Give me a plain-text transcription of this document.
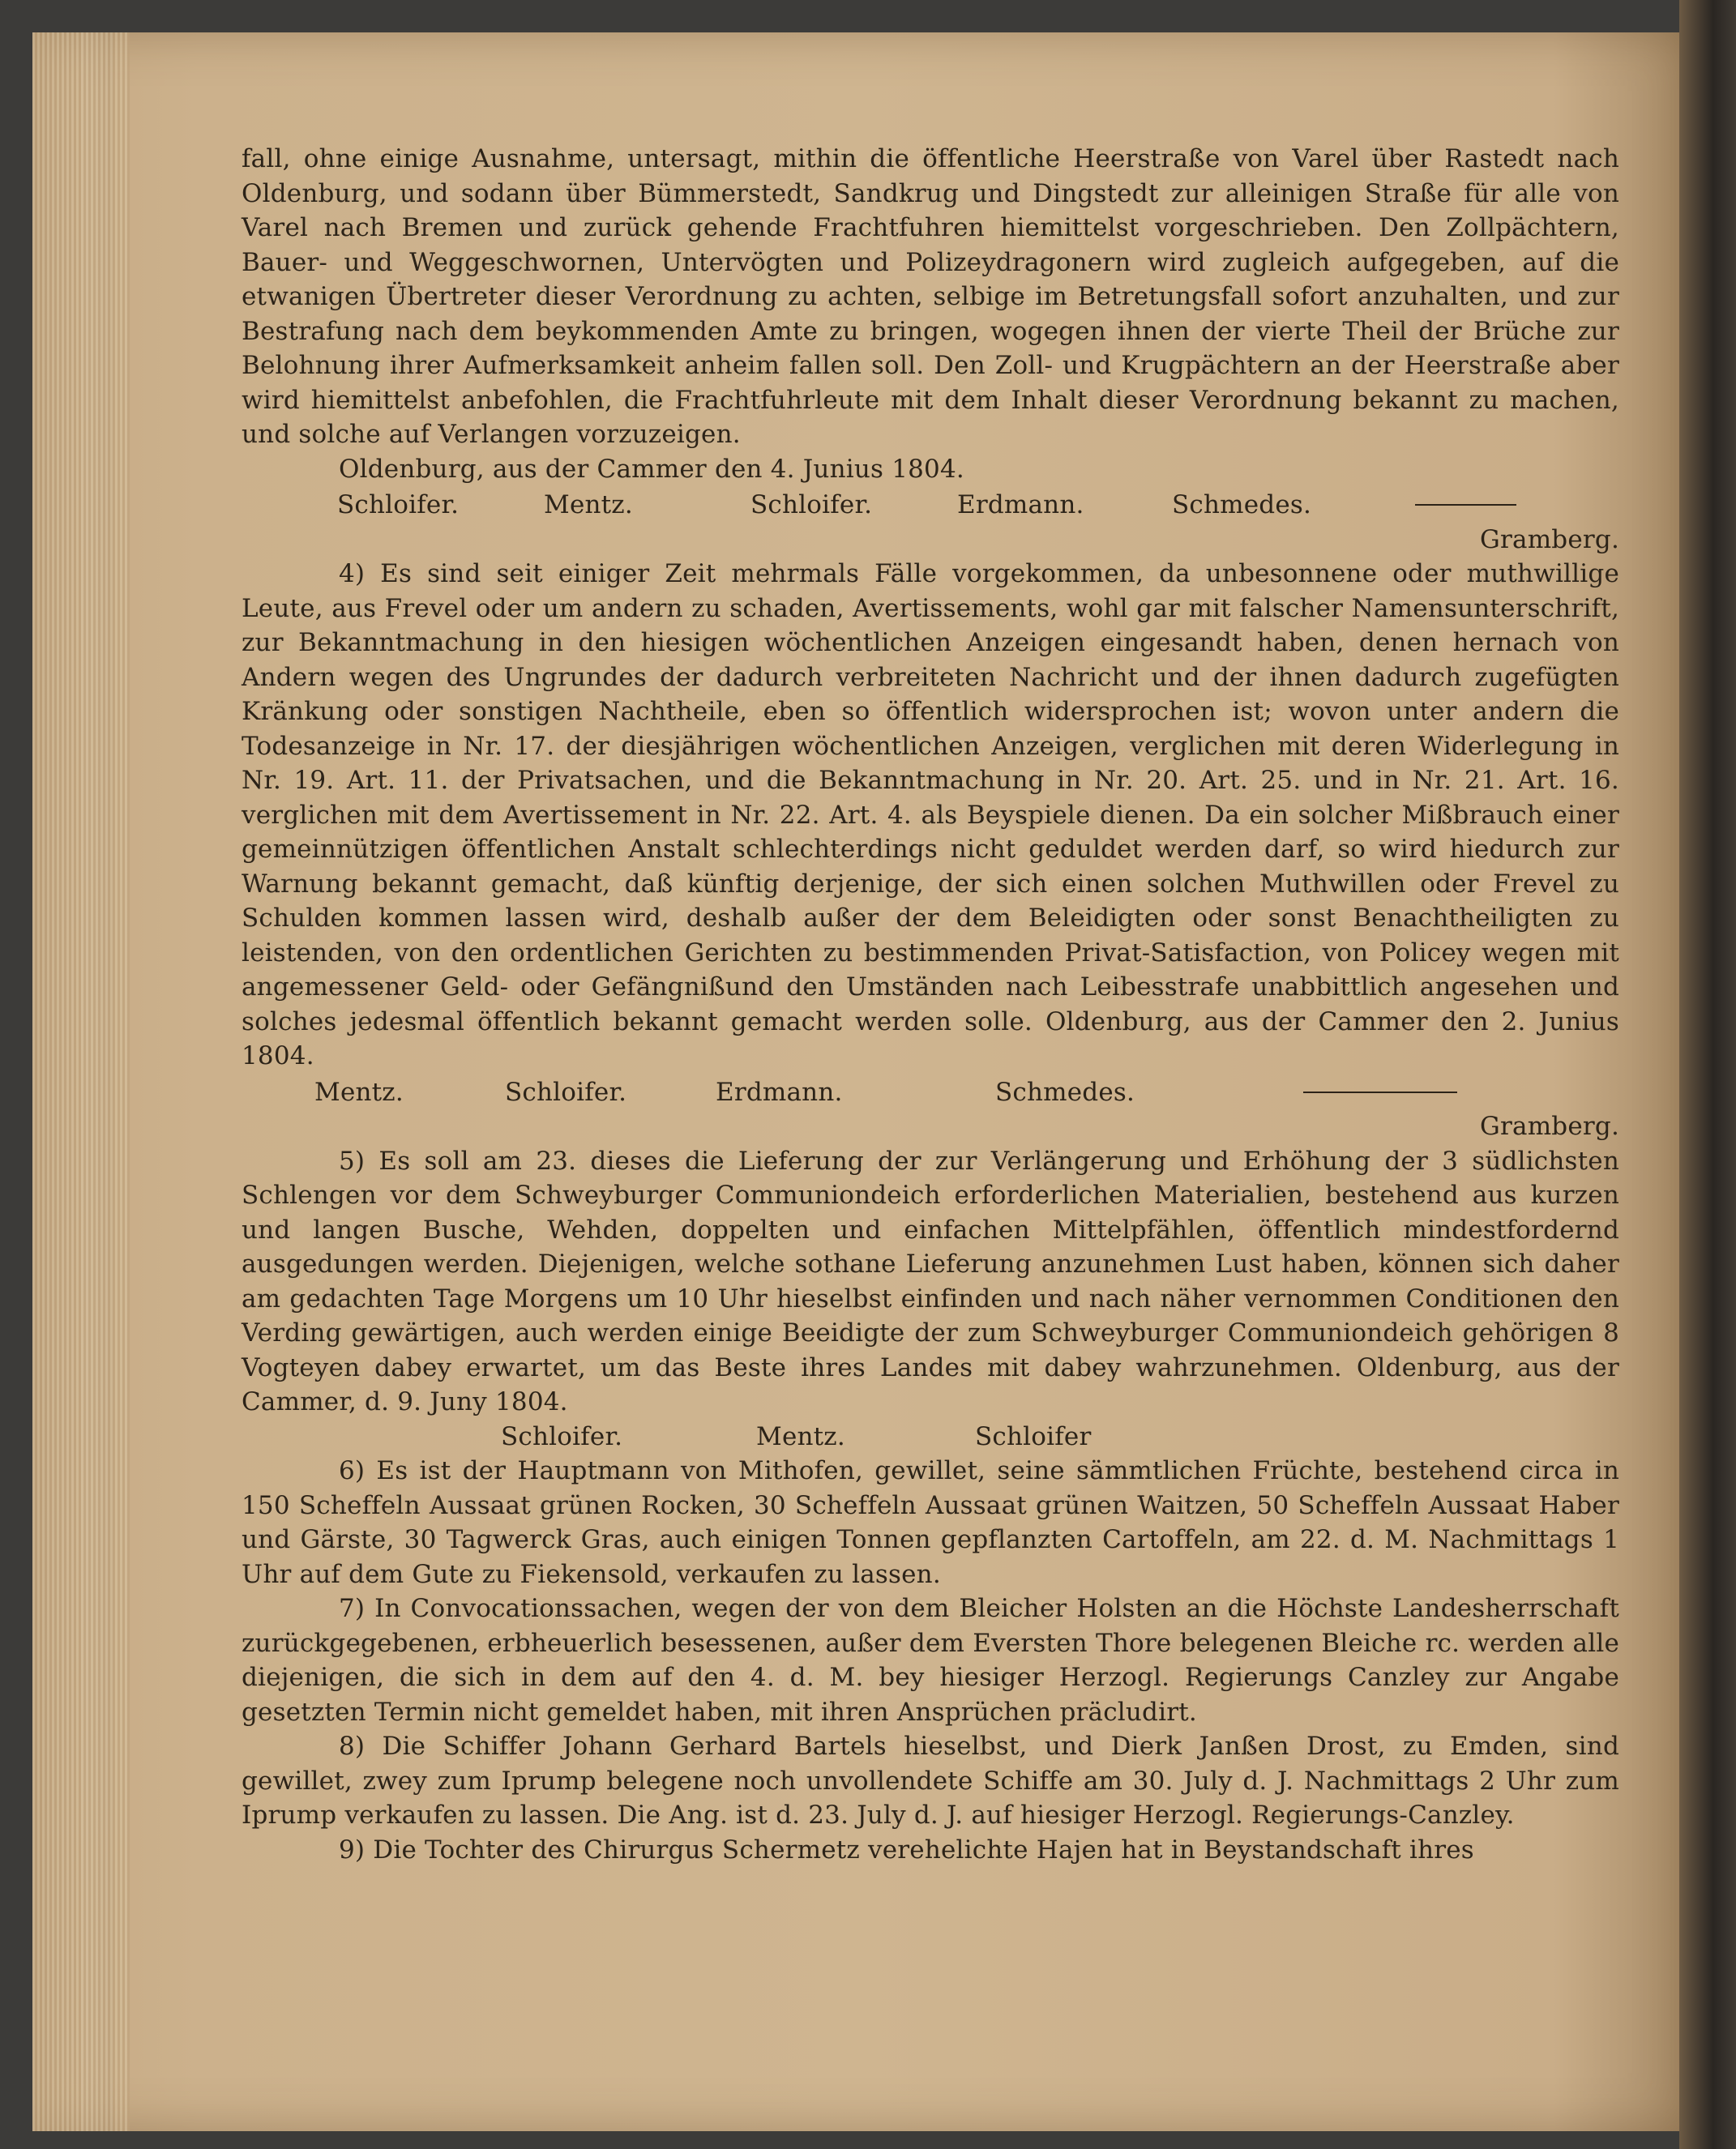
fall, ohne einige Ausnahme, untersagt, mithin die öffentliche Heerstraße von Varel über Rastedt nach Oldenburg, und sodann über Bümmerstedt, Sandkrug und Dingstedt zur alleinigen Straße für alle von Varel nach Bremen und zurück gehende Frachtfuhren hiemittelst vorgeschrieben. Den Zollpächtern, Bauer- und Weggeschwornen, Untervögten und Polizeydragonern wird zugleich aufgegeben, auf die etwanigen Übertreter dieser Verordnung zu achten, selbige im Betretungsfall sofort anzuhalten, und zur Bestrafung nach dem beykommenden Amte zu bringen, wogegen ihnen der vierte Theil der Brüche zur Belohnung ihrer Aufmerksamkeit anheim fallen soll. Den Zoll- und Krugpächtern an der Heerstraße aber wird hiemittelst anbefohlen, die Frachtfuhrleute mit dem Inhalt dieser Verordnung bekannt zu machen, und solche auf Verlangen vorzuzeigen.

Oldenburg, aus der Cammer den 4. Junius 1804.

Schloifer.	Mentz.	Schloifer.	Erdmann.	Schmedes.

Gramberg.

4) Es sind seit einiger Zeit mehrmals Fälle vorgekommen, da unbesonnene oder muthwillige Leute, aus Frevel oder um andern zu schaden, Avertissements, wohl gar mit falscher Namensunterschrift, zur Bekanntmachung in den hiesigen wöchentlichen Anzeigen eingesandt haben, denen hernach von Andern wegen des Ungrundes der dadurch verbreiteten Nachricht und der ihnen dadurch zugefügten Kränkung oder sonstigen Nachtheile, eben so öffentlich widersprochen ist; wovon unter andern die Todesanzeige in Nr. 17. der diesjährigen wöchentlichen Anzeigen, verglichen mit deren Widerlegung in Nr. 19. Art. 11. der Privatsachen, und die Bekanntmachung in Nr. 20. Art. 25. und in Nr. 21. Art. 16. verglichen mit dem Avertissement in Nr. 22. Art. 4. als Beyspiele dienen. Da ein solcher Mißbrauch einer gemeinnützigen öffentlichen Anstalt schlechterdings nicht geduldet werden darf, so wird hiedurch zur Warnung bekannt gemacht, daß künftig derjenige, der sich einen solchen Muthwillen oder Frevel zu Schulden kommen lassen wird, deshalb außer der dem Beleidigten oder sonst Benachtheiligten zu leistenden, von den ordentlichen Gerichten zu bestimmenden Privat-Satisfaction, von Policey wegen mit angemessener Geld- oder Gefängnißund den Umständen nach Leibesstrafe unabbittlich angesehen und solches jedesmal öffentlich bekannt gemacht werden solle. Oldenburg, aus der Cammer den 2. Junius 1804.

Mentz.	Schloifer.	Erdmann.	Schmedes.

Gramberg.

5) Es soll am 23. dieses die Lieferung der zur Verlängerung und Erhöhung der 3 südlichsten Schlengen vor dem Schweyburger Communiondeich erforderlichen Materialien, bestehend aus kurzen und langen Busche, Wehden, doppelten und einfachen Mittelpfählen, öffentlich mindestfordernd ausgedungen werden. Diejenigen, welche sothane Lieferung anzunehmen Lust haben, können sich daher am gedachten Tage Morgens um 10 Uhr hieselbst einfinden und nach näher vernommen Conditionen den Verding gewärtigen, auch werden einige Beeidigte der zum Schweyburger Communiondeich gehörigen 8 Vogteyen dabey erwartet, um das Beste ihres Landes mit dabey wahrzunehmen. Oldenburg, aus der Cammer, d. 9. Juny 1804.

Schloifer.	Mentz.	Schloifer

6) Es ist der Hauptmann von Mithofen, gewillet, seine sämmtlichen Früchte, bestehend circa in 150 Scheffeln Aussaat grünen Rocken, 30 Scheffeln Aussaat grünen Waitzen, 50 Scheffeln Aussaat Haber und Gärste, 30 Tagwerck Gras, auch einigen Tonnen gepflanzten Cartoffeln, am 22. d. M. Nachmittags 1 Uhr auf dem Gute zu Fiekensold, verkaufen zu lassen.

7) In Convocationssachen, wegen der von dem Bleicher Holsten an die Höchste Landesherrschaft zurückgegebenen, erbheuerlich besessenen, außer dem Eversten Thore belegenen Bleiche rc. werden alle diejenigen, die sich in dem auf den 4. d. M. bey hiesiger Herzogl. Regierungs Canzley zur Angabe gesetzten Termin nicht gemeldet haben, mit ihren Ansprüchen präcludirt.

8) Die Schiffer Johann Gerhard Bartels hieselbst, und Dierk Janßen Drost, zu Emden, sind gewillet, zwey zum Iprump belegene noch unvollendete Schiffe am 30. July d. J. Nachmittags 2 Uhr zum Iprump verkaufen zu lassen. Die Ang. ist d. 23. July d. J. auf hiesiger Herzogl. Regierungs-Canzley.

9) Die Tochter des Chirurgus Schermetz verehelichte Hajen hat in Beystandschaft ihres
